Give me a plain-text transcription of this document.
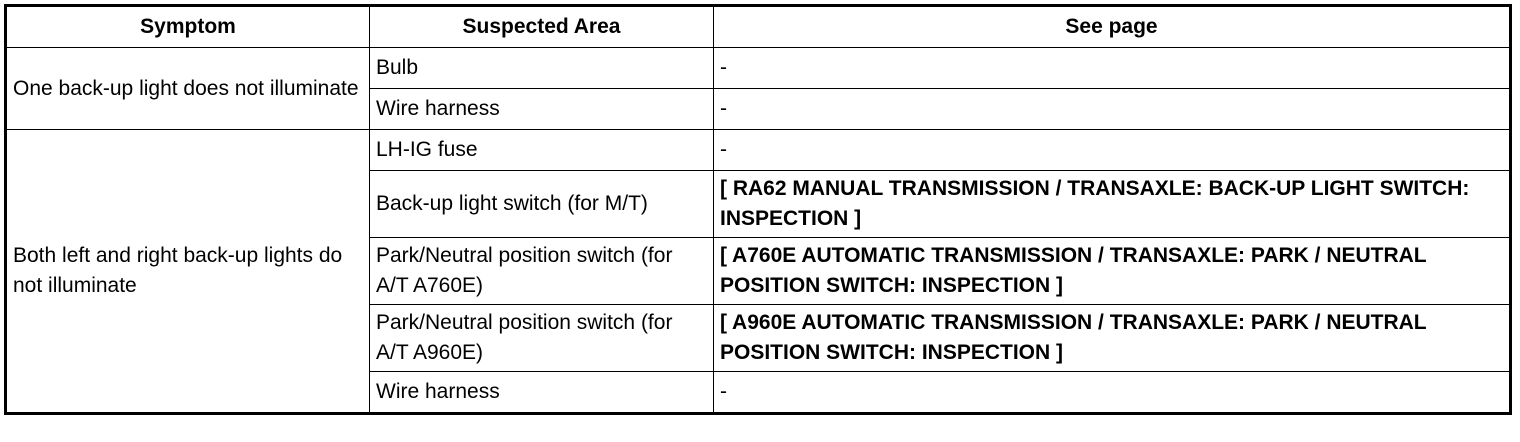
Symptom	Suspected Area	See page
One back-up light does not illuminate	Bulb	-
	Wire harness	-
Both left and right back-up lights do not illuminate	LH-IG fuse	-
	Back-up light switch (for M/T)	[ RA62 MANUAL TRANSMISSION / TRANSAXLE: BACK-UP LIGHT SWITCH: INSPECTION ]
	Park/Neutral position switch (for A/T A760E)	[ A760E AUTOMATIC TRANSMISSION / TRANSAXLE: PARK / NEUTRAL POSITION SWITCH: INSPECTION ]
	Park/Neutral position switch (for A/T A960E)	[ A960E AUTOMATIC TRANSMISSION / TRANSAXLE: PARK / NEUTRAL POSITION SWITCH: INSPECTION ]
	Wire harness	-
